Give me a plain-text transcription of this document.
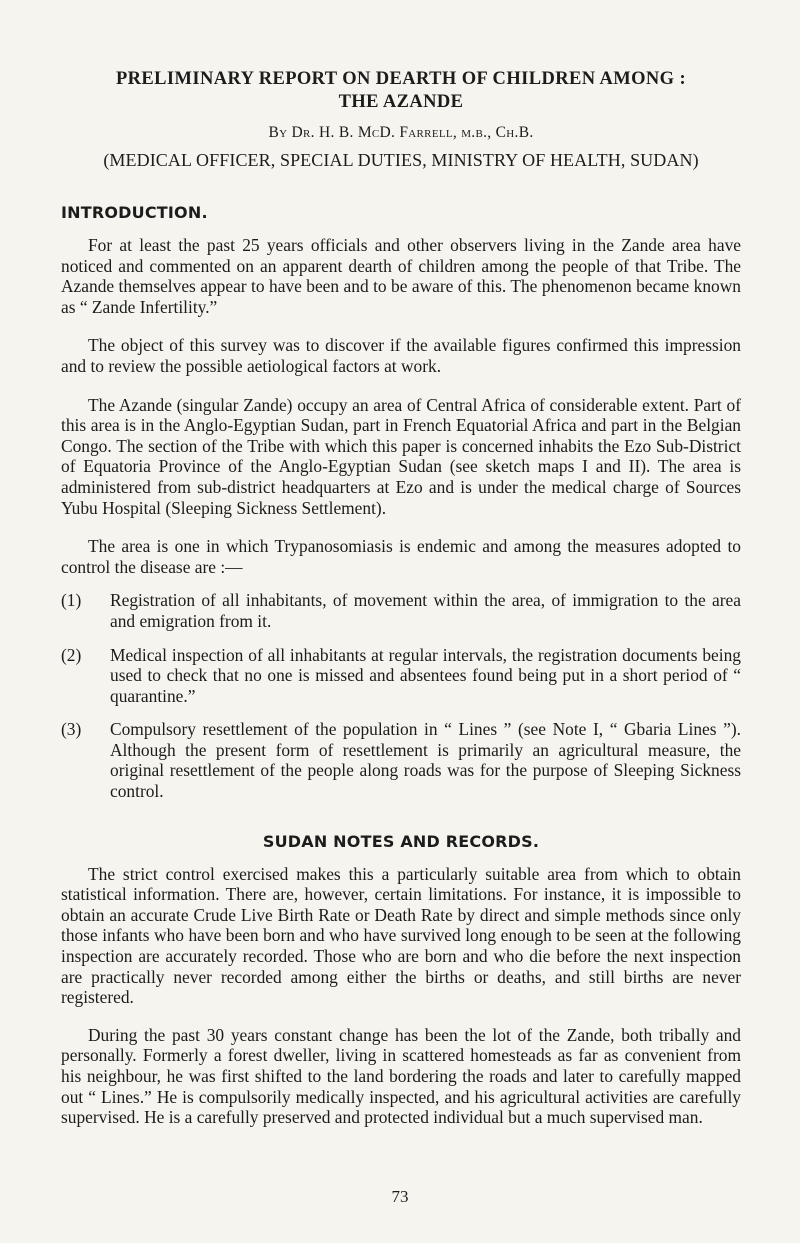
PRELIMINARY REPORT ON DEARTH OF CHILDREN AMONG :
THE AZANDE
By Dr. H. B. McD. Farrell, m.b., Ch.B.
(MEDICAL OFFICER, SPECIAL DUTIES, MINISTRY OF HEALTH, SUDAN)
INTRODUCTION.

For at least the past 25 years officials and other observers living in the Zande area have noticed and commented on an apparent dearth of children among the people of that Tribe. The Azande themselves appear to have been and to be aware of this. The phenomenon became known as “ Zande Infertility.”

The object of this survey was to discover if the available figures confirmed this impression and to review the possible aetiological factors at work.

The Azande (singular Zande) occupy an area of Central Africa of considerable extent. Part of this area is in the Anglo-Egyptian Sudan, part in French Equatorial Africa and part in the Belgian Congo. The section of the Tribe with which this paper is concerned inhabits the Ezo Sub-District of Equatoria Province of the Anglo-Egyptian Sudan (see sketch maps I and II). The area is administered from sub-district headquarters at Ezo and is under the medical charge of Sources Yubu Hospital (Sleeping Sickness Settlement).

The area is one in which Trypanosomiasis is endemic and among the measures adopted to control the disease are :—

(1)	Registration of all inhabitants, of movement within the area, of immigration to the area and emigration from it.
(2)	Medical inspection of all inhabitants at regular intervals, the registration documents being used to check that no one is missed and absentees found being put in a short period of “ quarantine.”
(3)	Compulsory resettlement of the population in “ Lines ” (see Note I, “ Gbaria Lines ”). Although the present form of resettlement is primarily an agricultural measure, the original resettlement of the people along roads was for the purpose of Sleeping Sickness control.
SUDAN NOTES AND RECORDS.

The strict control exercised makes this a particularly suitable area from which to obtain statistical information. There are, however, certain limitations. For instance, it is impossible to obtain an accurate Crude Live Birth Rate or Death Rate by direct and simple methods since only those infants who have been born and who have survived long enough to be seen at the following inspection are accurately recorded. Those who are born and who die before the next inspection are practically never recorded among either the births or deaths, and still births are never registered.

During the past 30 years constant change has been the lot of the Zande, both tribally and personally. Formerly a forest dweller, living in scattered homesteads as far as convenient from his neighbour, he was first shifted to the land bordering the roads and later to carefully mapped out “ Lines.” He is compulsorily medically inspected, and his agricultural activities are carefully supervised. He is a carefully preserved and protected individual but a much supervised man.

73
